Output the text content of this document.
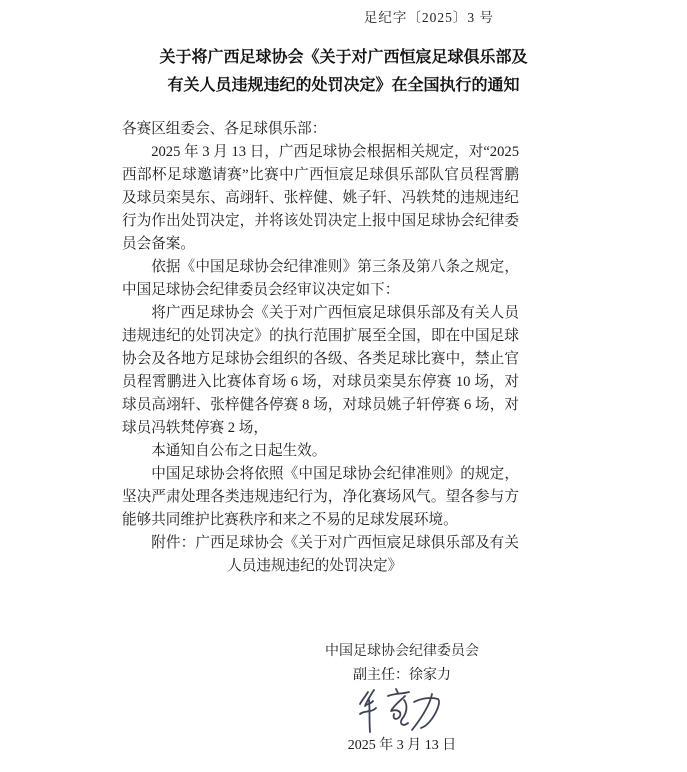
足纪字〔2025〕3 号
关于将广西足球协会《关于对广西恒宸足球俱乐部及
有关人员违规违纪的处罚决定》在全国执行的通知

各赛区组委会、各足球俱乐部：

2025 年 3 月 13 日，广西足球协会根据相关规定，对“2025 西部杯足球邀请赛”比赛中广西恒宸足球俱乐部队官员程霄鹏及球员栾昊东、高翊轩、张梓健、姚子轩、冯轶梵的违规违纪行为作出处罚决定，并将该处罚决定上报中国足球协会纪律委员会备案。

依据《中国足球协会纪律准则》第三条及第八条之规定，中国足球协会纪律委员会经审议决定如下：

将广西足球协会《关于对广西恒宸足球俱乐部及有关人员违规违纪的处罚决定》的执行范围扩展至全国，即在中国足球协会及各地方足球协会组织的各级、各类足球比赛中，禁止官员程霄鹏进入比赛体育场 6 场，对球员栾昊东停赛 10 场，对球员高翊轩、张梓健各停赛 8 场，对球员姚子轩停赛 6 场，对球员冯轶梵停赛 2 场，

本通知自公布之日起生效。

中国足球协会将依照《中国足球协会纪律准则》的规定，坚决严肃处理各类违规违纪行为，净化赛场风气。望各参与方能够共同维护比赛秩序和来之不易的足球发展环境。

附件：广西足球协会《关于对广西恒宸足球俱乐部及有关人员违规违纪的处罚决定》

中国足球协会纪律委员会
副主任：徐家力
2025 年 3 月 13 日
